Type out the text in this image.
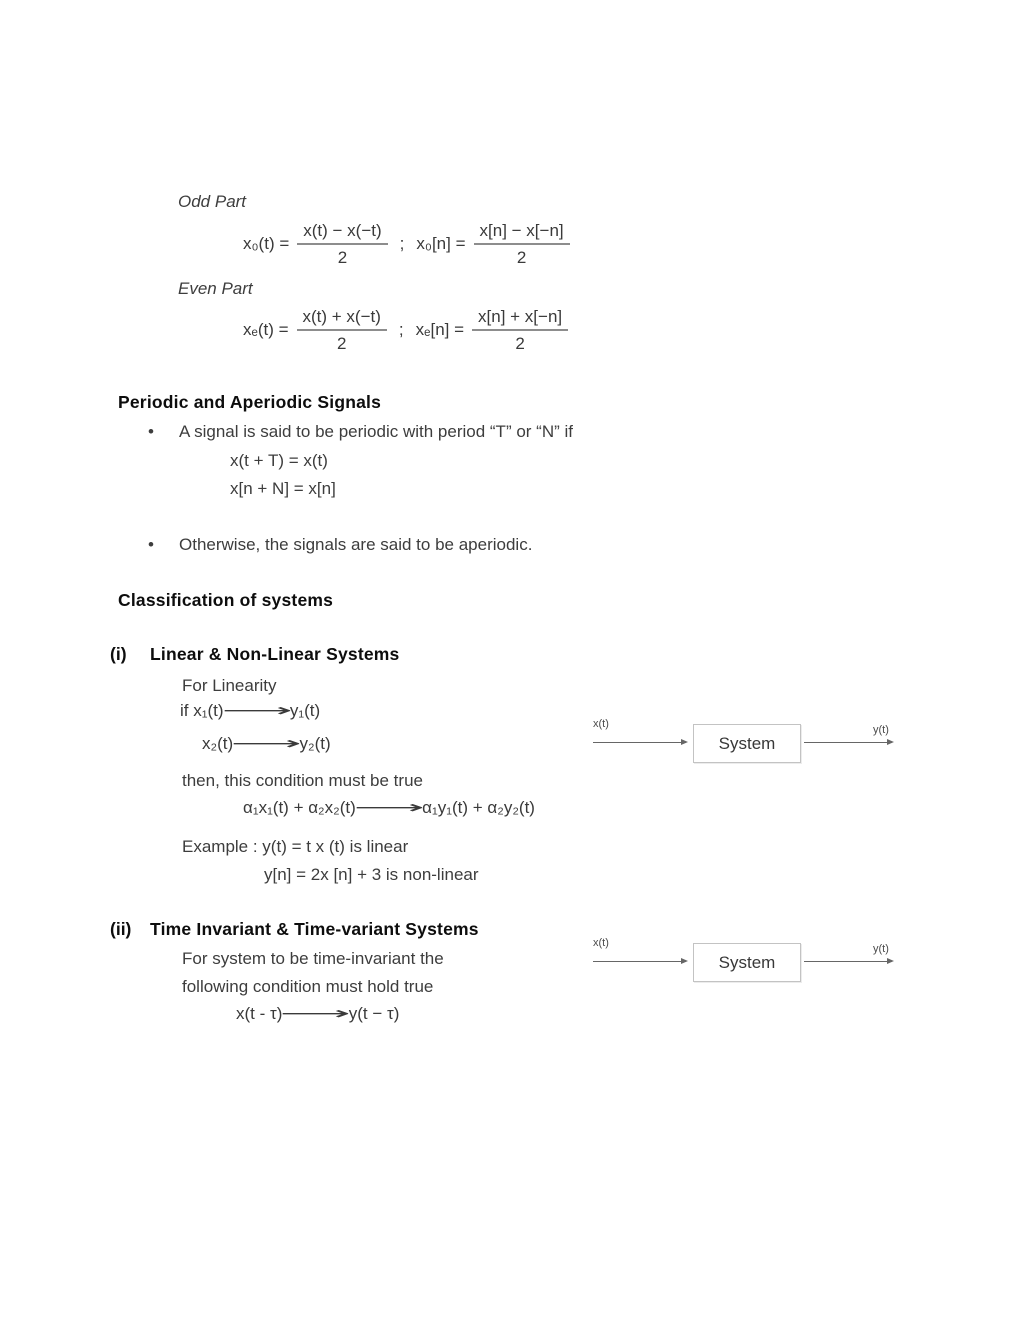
Odd Part
$x_0(t) = \frac{x(t) - x(-t)}{2}$ ; $x_0[n] = \frac{x[n] - x[-n]}{2}$
Even Part
$x_e(t) = \frac{x(t) + x(-t)}{2}$ ; $x_e[n] = \frac{x[n] + x[-n]}{2}$
Periodic and Aperiodic Signals
•	A signal is said to be periodic with period “T” or “N” if
x(t + T) = x(t)
x[n + N] = x[n]
•	Otherwise, the signals are said to be aperiodic.
Classification of systems
(i)	Linear & Non-Linear Systems
For Linearity
if x₁(t)
⟶
y₁(t)
x₂(t)
⟶
y₂(t)
then, this condition must be true
α₁x₁(t) + α₂x₂(t)
⟶
α₁y₁(t) + α₂y₂(t)
Example : y(t) = t x (t) is linear
y[n] = 2x [n] + 3 is non-linear
(ii)	Time Invariant & Time-variant Systems
For system to be time-invariant the
following condition must hold true
x(t - τ)
⟶
y(t − τ)
x(t)
System
y(t)
x(t)
System
y(t)
